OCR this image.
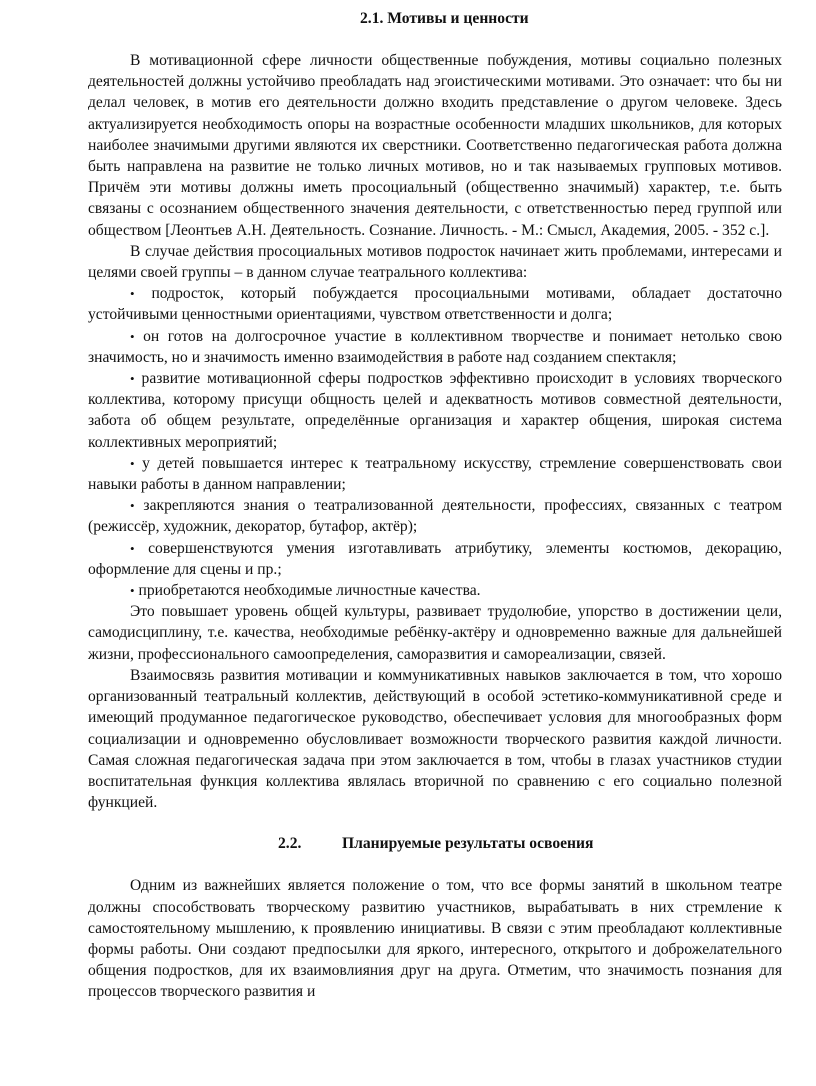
2.1. Мотивы и ценности

В мотивационной сфере личности общественные побуждения, мотивы социально полезных деятельностей должны устойчиво преобладать над эгоистическими мотивами. Это означает: что бы ни делал человек, в мотив его деятельности должно входить представление о другом человеке. Здесь актуализируется необходимость опоры на возрастные особенности младших школьников, для которых наиболее значимыми другими являются их сверстники. Соответственно педагогическая работа должна быть направлена на развитие не только личных мотивов, но и так называемых групповых мотивов. Причём эти мотивы должны иметь просоциальный (общественно значимый) характер, т.е. быть связаны с осознанием общественного значения деятельности, с ответственностью перед группой или обществом [Леонтьев А.Н. Деятельность. Сознание. Личность. - М.: Смысл, Академия, 2005. - 352 с.].

В случае действия просоциальных мотивов подросток начинает жить проблемами, интересами и целями своей группы – в данном случае театрального коллектива:

• подросток, который побуждается просоциальными мотивами, обладает достаточно устойчивыми ценностными ориентациями, чувством ответственности и долга;
• он готов на долгосрочное участие в коллективном творчестве и понимает нетолько свою значимость, но и значимость именно взаимодействия в работе над созданием спектакля;
• развитие мотивационной сферы подростков эффективно происходит в условиях творческого коллектива, которому присущи общность целей и адекватность мотивов совместной деятельности, забота об общем результате, определённые организация и характер общения, широкая система коллективных мероприятий;
• у детей повышается интерес к театральному искусству, стремление совершенствовать свои навыки работы в данном направлении;
• закрепляются знания о театрализованной деятельности, профессиях, связанных с театром (режиссёр, художник, декоратор, бутафор, актёр);
• совершенствуются умения изготавливать атрибутику, элементы костюмов, декорацию, оформление для сцены и пр.;
• приобретаются необходимые личностные качества.

Это повышает уровень общей культуры, развивает трудолюбие, упорство в достижении цели, самодисциплину, т.е. качества, необходимые ребёнку-актёру и одновременно важные для дальнейшей жизни, профессионального самоопределения, саморазвития и самореализации, связей.

Взаимосвязь развития мотивации и коммуникативных навыков заключается в том, что хорошо организованный театральный коллектив, действующий в особой эстетико-коммуникативной среде и имеющий продуманное педагогическое руководство, обеспечивает условия для многообразных форм социализации и одновременно обусловливает возможности творческого развития каждой личности. Самая сложная педагогическая задача при этом заключается в том, чтобы в глазах участников студии воспитательная функция коллектива являлась вторичной по сравнению с его социально полезной функцией.

2.2.	Планируемые результаты освоения

Одним из важнейших является положение о том, что все формы занятий в школьном театре должны способствовать творческому развитию участников, вырабатывать в них стремление к самостоятельному мышлению, к проявлению инициативы. В связи с этим преобладают коллективные формы работы. Они создают предпосылки для яркого, интересного, открытого и доброжелательного общения подростков, для их взаимовлияния друг на друга. Отметим, что значимость познания для процессов творческого развития и
